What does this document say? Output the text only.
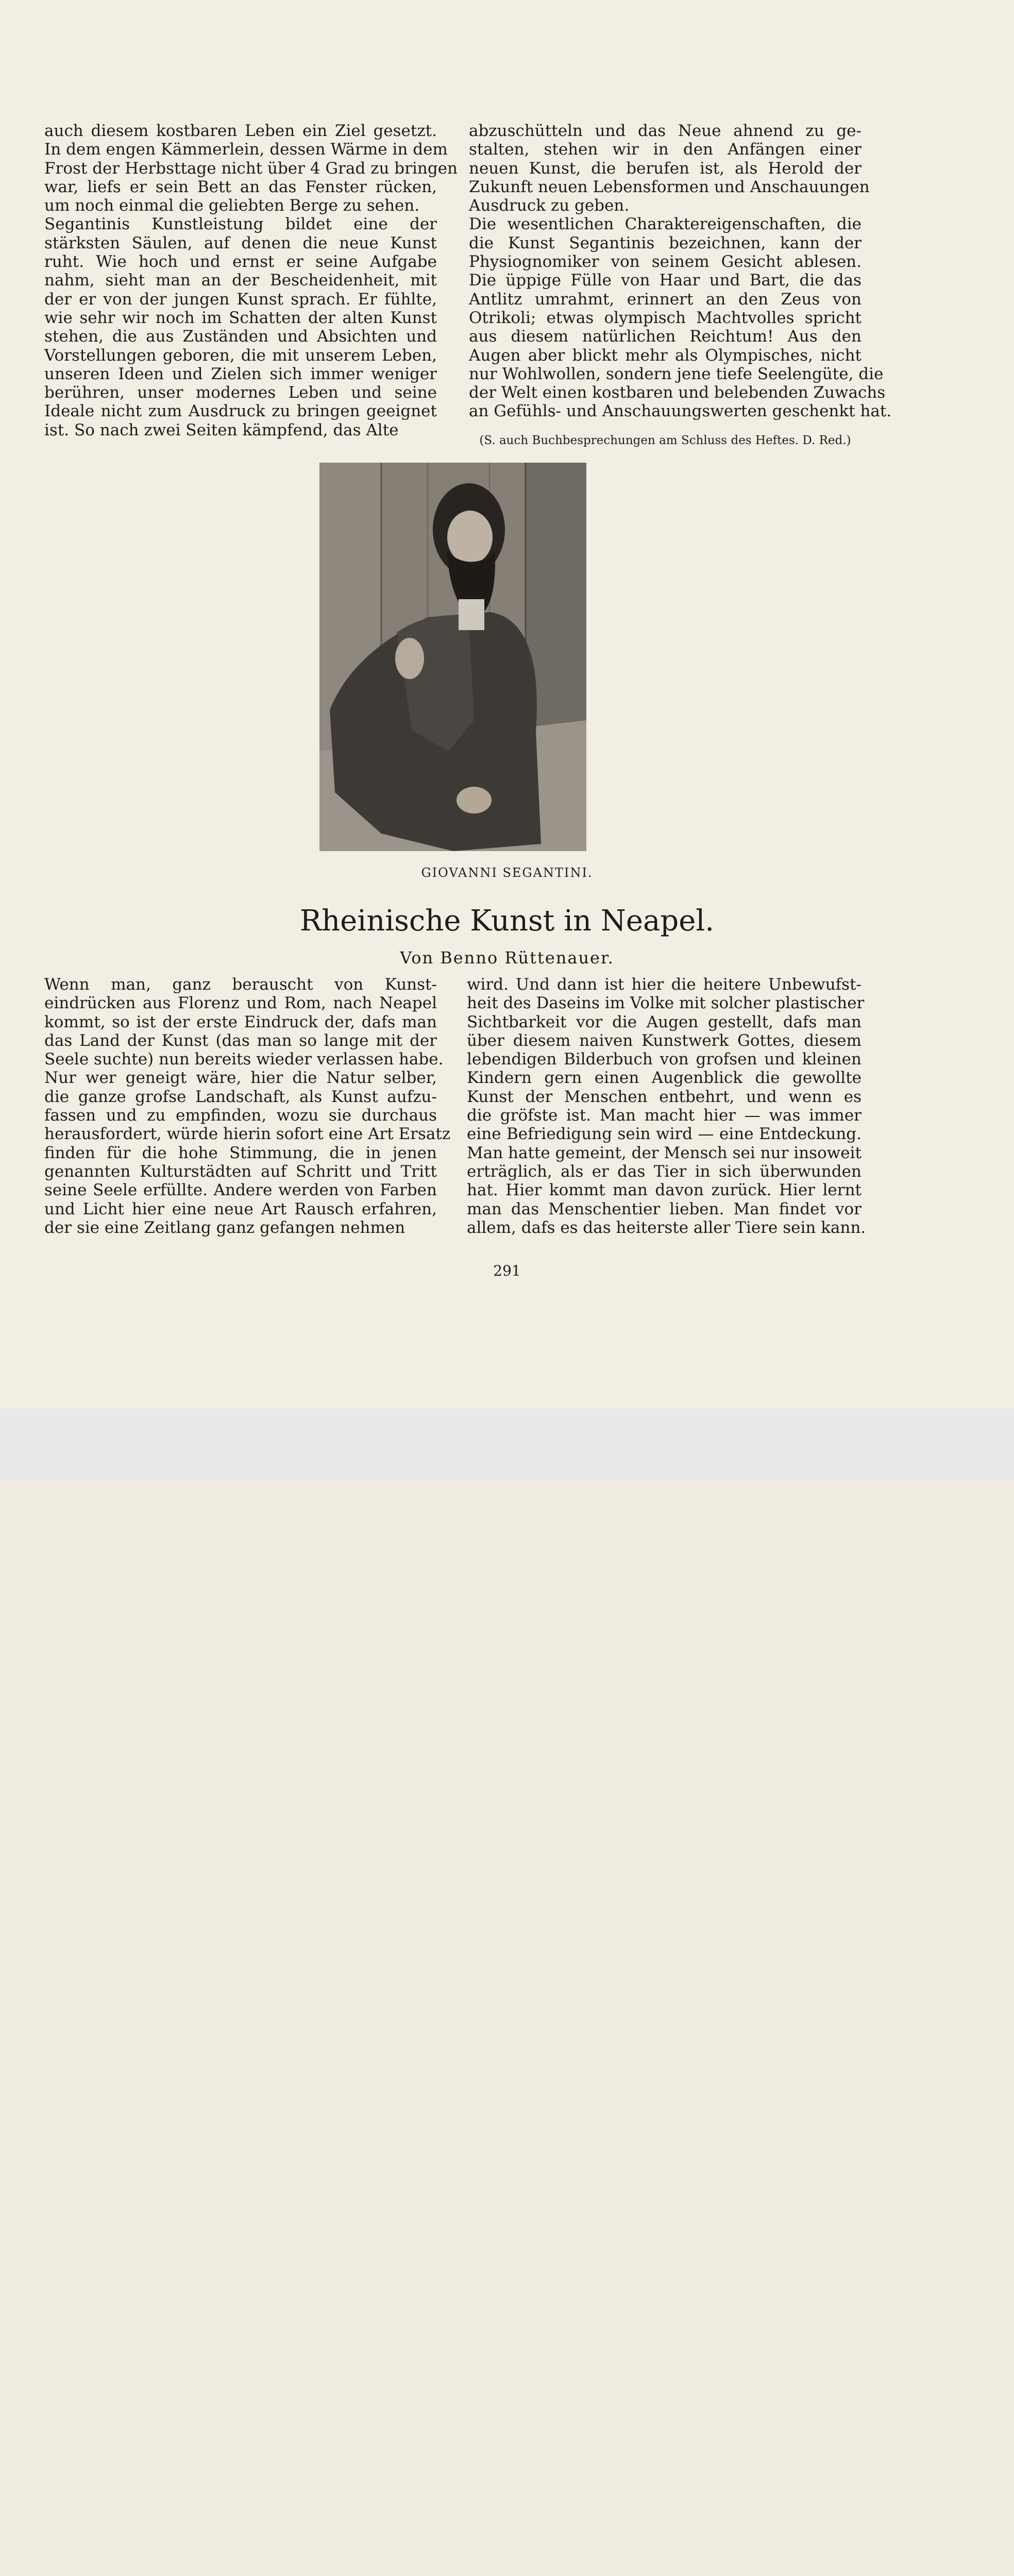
auch diesem kostbaren Leben ein Ziel gesetzt.
In dem engen Kämmerlein, dessen Wärme in dem
Frost der Herbsttage nicht über 4 Grad zu bringen
war, liefs er sein Bett an das Fenster rücken,
um noch einmal die geliebten Berge zu sehen.
Segantinis Kunstleistung bildet eine der
stärksten Säulen, auf denen die neue Kunst
ruht. Wie hoch und ernst er seine Aufgabe
nahm, sieht man an der Bescheidenheit, mit
der er von der jungen Kunst sprach. Er fühlte,
wie sehr wir noch im Schatten der alten Kunst
stehen, die aus Zuständen und Absichten und
Vorstellungen geboren, die mit unserem Leben,
unseren Ideen und Zielen sich immer weniger
berühren, unser modernes Leben und seine
Ideale nicht zum Ausdruck zu bringen geeignet
ist. So nach zwei Seiten kämpfend, das Alte
abzuschütteln und das Neue ahnend zu ge-
stalten, stehen wir in den Anfängen einer
neuen Kunst, die berufen ist, als Herold der
Zukunft neuen Lebensformen und Anschauungen
Ausdruck zu geben.
Die wesentlichen Charaktereigenschaften, die
die Kunst Segantinis bezeichnen, kann der
Physiognomiker von seinem Gesicht ablesen.
Die üppige Fülle von Haar und Bart, die das
Antlitz umrahmt, erinnert an den Zeus von
Otrikoli; etwas olympisch Machtvolles spricht
aus diesem natürlichen Reichtum! Aus den
Augen aber blickt mehr als Olympisches, nicht
nur Wohlwollen, sondern jene tiefe Seelengüte, die
der Welt einen kostbaren und belebenden Zuwachs
an Gefühls- und Anschauungswerten geschenkt hat.
(S. auch Buchbesprechungen am Schluss des Heftes. D. Red.)
GIOVANNI SEGANTINI.
Rheinische Kunst in Neapel.
Von Benno Rüttenauer.
Wenn man, ganz berauscht von Kunst-
eindrücken aus Florenz und Rom, nach Neapel
kommt, so ist der erste Eindruck der, dafs man
das Land der Kunst (das man so lange mit der
Seele suchte) nun bereits wieder verlassen habe.
Nur wer geneigt wäre, hier die Natur selber,
die ganze grofse Landschaft, als Kunst aufzu-
fassen und zu empfinden, wozu sie durchaus
herausfordert, würde hierin sofort eine Art Ersatz
finden für die hohe Stimmung, die in jenen
genannten Kulturstädten auf Schritt und Tritt
seine Seele erfüllte. Andere werden von Farben
und Licht hier eine neue Art Rausch erfahren,
der sie eine Zeitlang ganz gefangen nehmen
wird. Und dann ist hier die heitere Unbewufst-
heit des Daseins im Volke mit solcher plastischer
Sichtbarkeit vor die Augen gestellt, dafs man
über diesem naiven Kunstwerk Gottes, diesem
lebendigen Bilderbuch von grofsen und kleinen
Kindern gern einen Augenblick die gewollte
Kunst der Menschen entbehrt, und wenn es
die gröfste ist. Man macht hier — was immer
eine Befriedigung sein wird — eine Entdeckung.
Man hatte gemeint, der Mensch sei nur insoweit
erträglich, als er das Tier in sich überwunden
hat. Hier kommt man davon zurück. Hier lernt
man das Menschentier lieben. Man findet vor
allem, dafs es das heiterste aller Tiere sein kann.
291
